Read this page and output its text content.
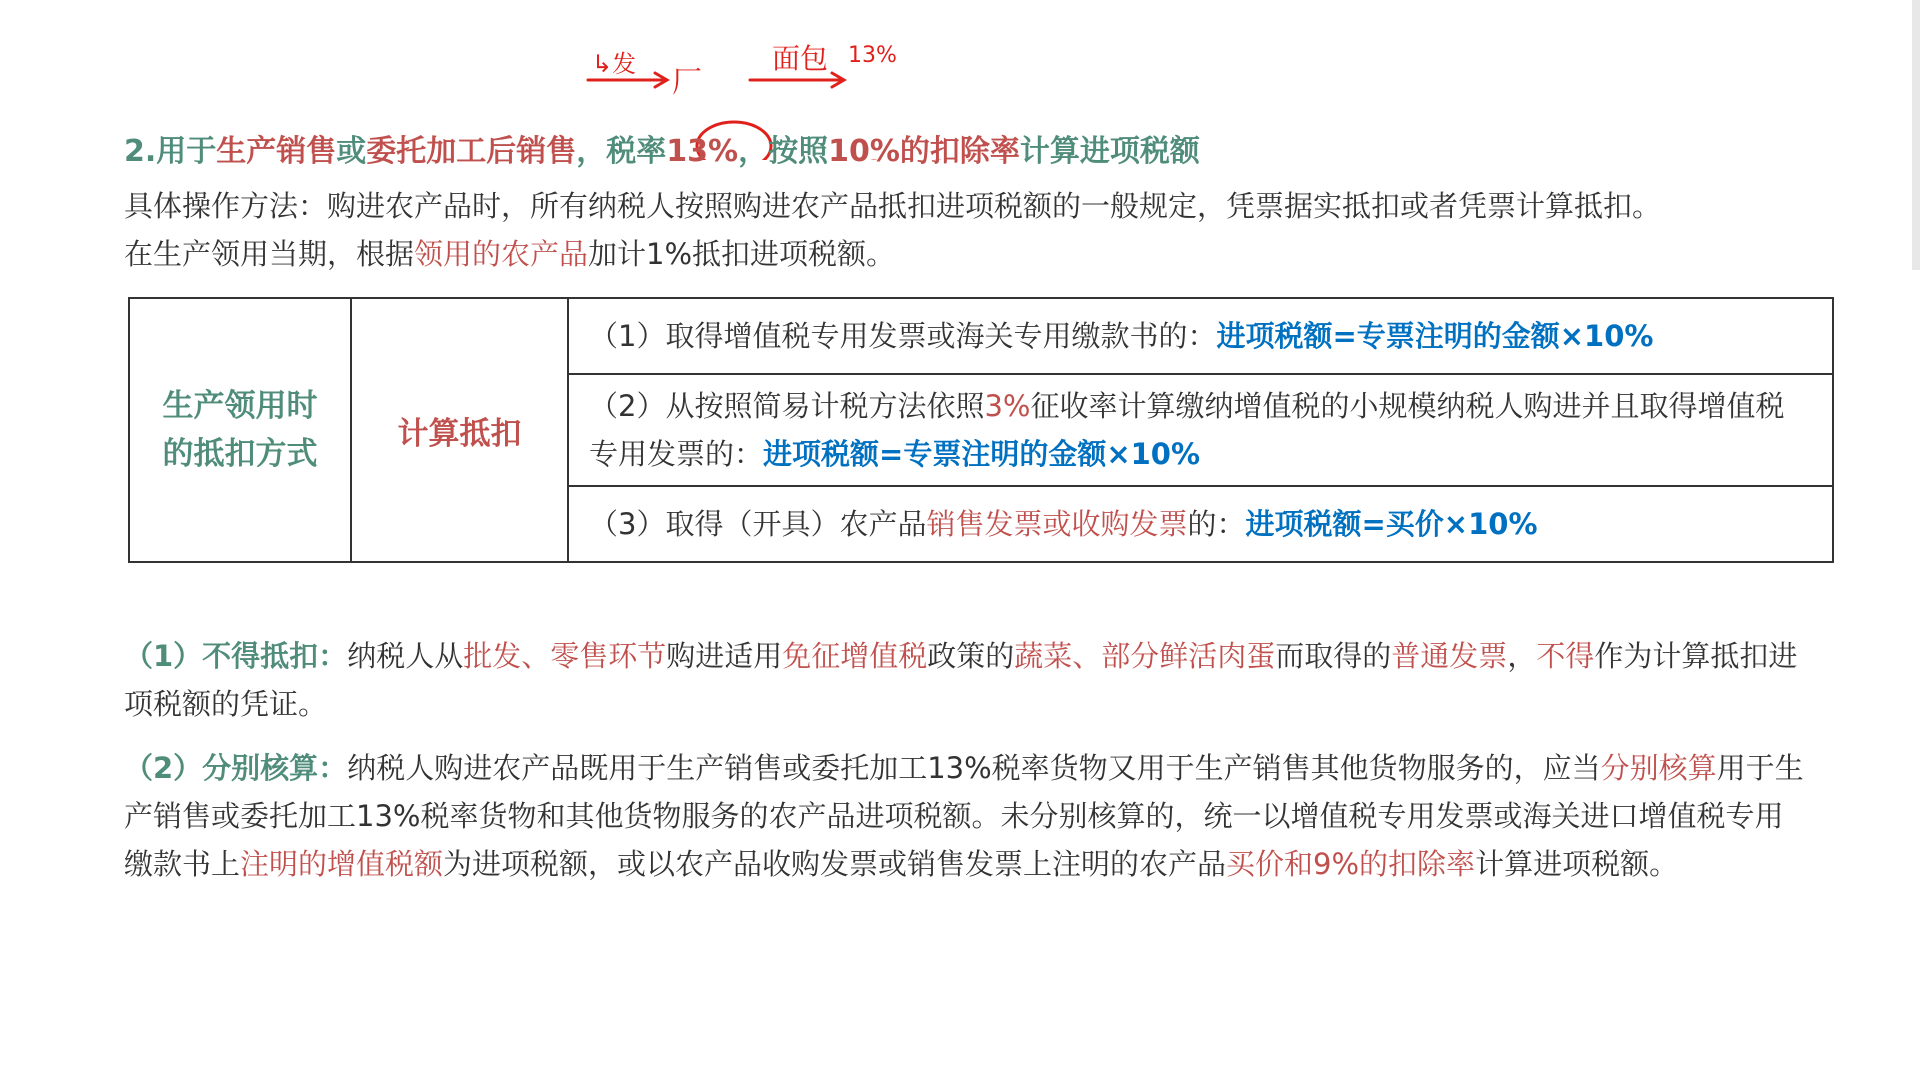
↳发
厂
面包 13%
2.用于生产销售或委托加工后销售，税率13%，按照10%的扣除率计算进项税额
具体操作方法：购进农产品时，所有纳税人按照购进农产品抵扣进项税额的一般规定，凭票据实抵扣或者凭票计算抵扣。
在生产领用当期，根据领用的农产品加计1%抵扣进项税额。
生产领用时
的抵扣方式
	计算抵扣	（1）取得增值税专用发票或海关专用缴款书的：进项税额=专票注明的金额×10%
（2）从按照简易计税方法依照3%征收率计算缴纳增值税的小规模纳税人购进并且取得增值税专用发票的：进项税额=专票注明的金额×10%
（3）取得（开具）农产品销售发票或收购发票的：进项税额=买价×10%
（1）不得抵扣：纳税人从批发、零售环节购进适用免征增值税政策的蔬菜、部分鲜活肉蛋而取得的普通发票，不得作为计算抵扣进项税额的凭证。
（2）分别核算：纳税人购进农产品既用于生产销售或委托加工13%税率货物又用于生产销售其他货物服务的，应当分别核算用于生产销售或委托加工13%税率货物和其他货物服务的农产品进项税额。未分别核算的，统一以增值税专用发票或海关进口增值税专用缴款书上注明的增值税额为进项税额，或以农产品收购发票或销售发票上注明的农产品买价和9%的扣除率计算进项税额。
